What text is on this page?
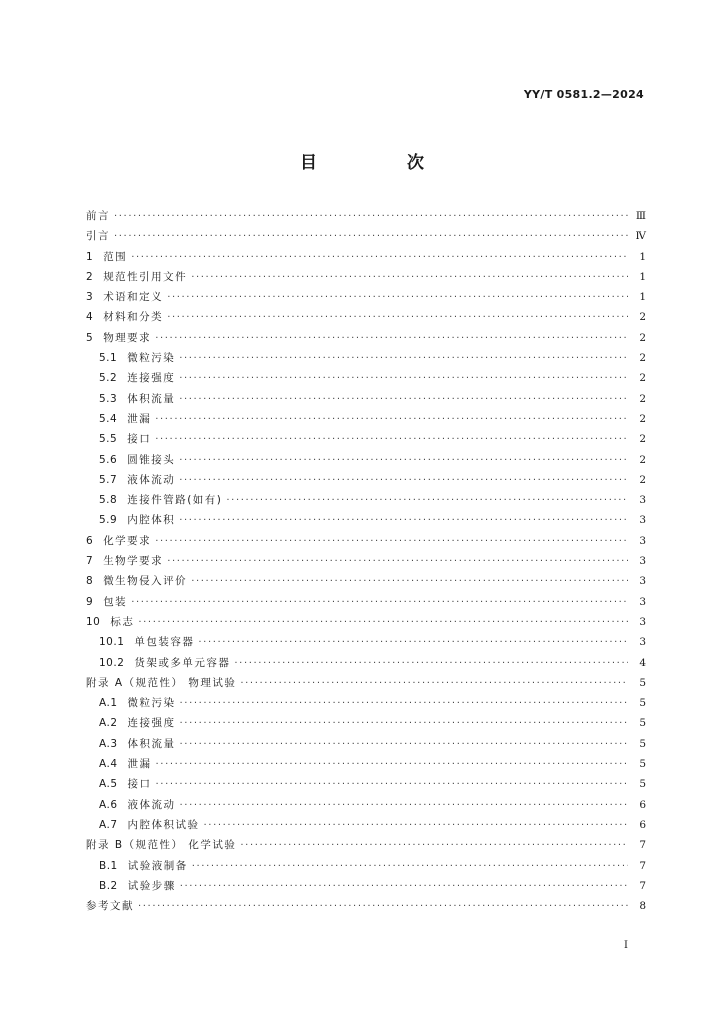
YY/T 0581.2—2024
目 次
前言 ·····	Ⅲ
引言 ·····	Ⅳ
1 范围 ·····	1
2 规范性引用文件 ·····	1
3 术语和定义 ·····	1
4 材料和分类 ·····	2
5 物理要求 ·····	2
5.1 微粒污染 ·····	2
5.2 连接强度 ·····	2
5.3 体积流量 ·····	2
5.4 泄漏 ·····	2
5.5 接口 ·····	2
5.6 圆锥接头 ·····	2
5.7 液体流动 ·····	2
5.8 连接件管路(如有) ·····	3
5.9 内腔体积 ·····	3
6 化学要求 ·····	3
7 生物学要求 ·····	3
8 微生物侵入评价 ·····	3
9 包装 ·····	3
10 标志 ·····	3
10.1 单包装容器 ·····	3
10.2 货架或多单元容器 ·····	4
附录 A（规范性） 物理试验 ·····	5
A.1 微粒污染 ·····	5
A.2 连接强度 ·····	5
A.3 体积流量 ·····	5
A.4 泄漏 ·····	5
A.5 接口 ·····	5
A.6 液体流动 ·····	6
A.7 内腔体积试验 ·····	6
附录 B（规范性） 化学试验 ·····	7
B.1 试验液制备 ·····	7
B.2 试验步骤 ·····	7
参考文献 ·····	8
Ⅰ
